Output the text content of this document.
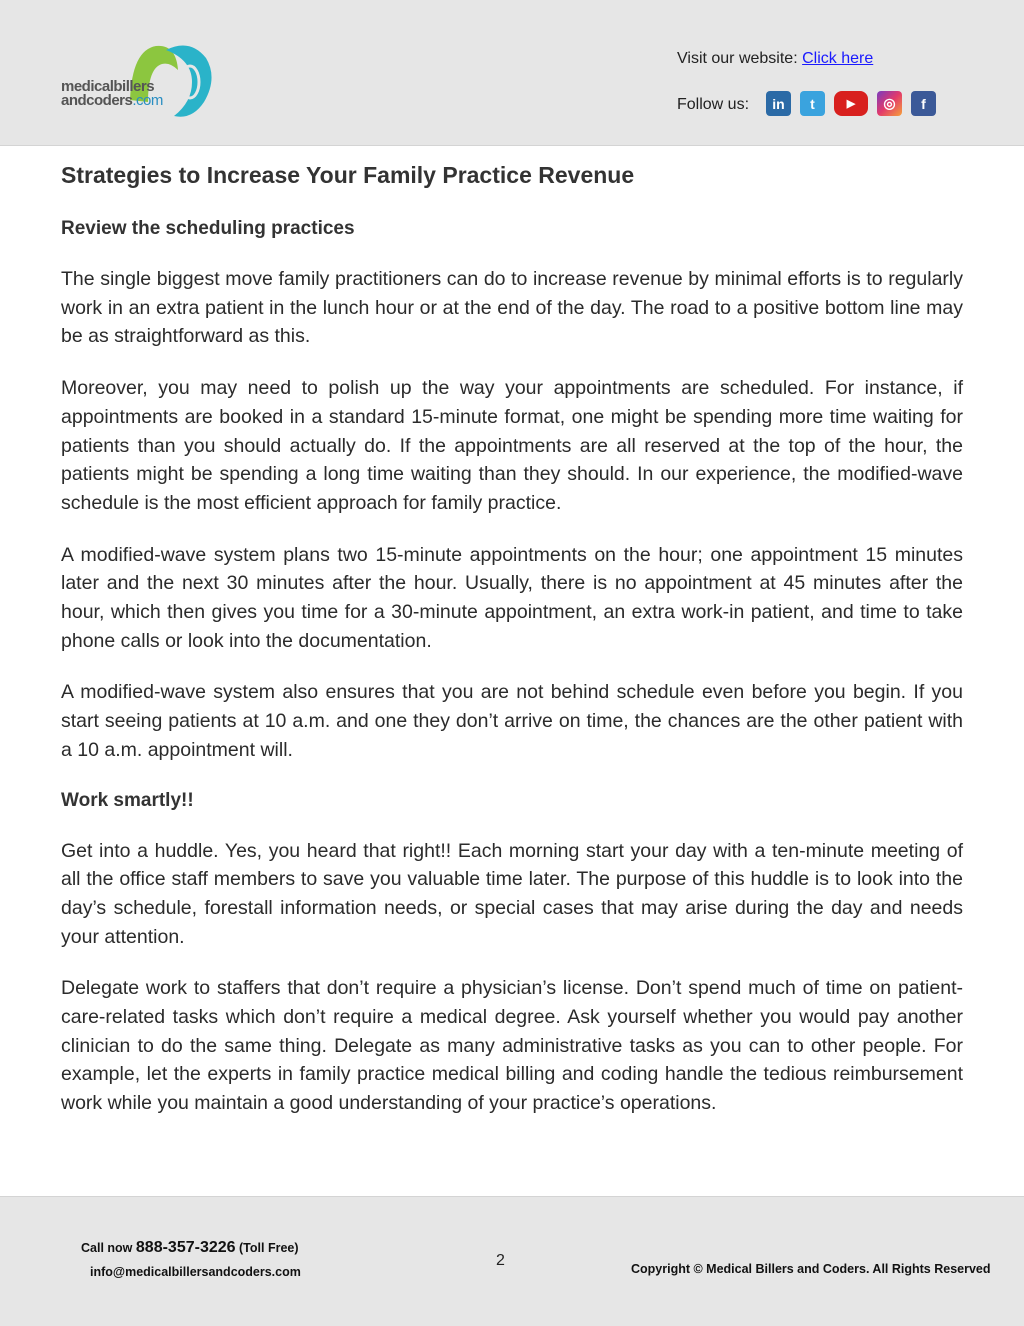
medicalbillers
andcoders.com
Visit our website: Click here
Follow us:	in	t	▶	◎	f
Strategies to Increase Your Family Practice Revenue
Review the scheduling practices

The single biggest move family practitioners can do to increase revenue by minimal efforts is to regularly work in an extra patient in the lunch hour or at the end of the day. The road to a positive bottom line may be as straightforward as this.

Moreover, you may need to polish up the way your appointments are scheduled. For instance, if appointments are booked in a standard 15-minute format, one might be spending more time waiting for patients than you should actually do. If the appointments are all reserved at the top of the hour, the patients might be spending a long time waiting than they should. In our experience, the modified-wave schedule is the most efficient approach for family practice.

A modified-wave system plans two 15-minute appointments on the hour; one appointment 15 minutes later and the next 30 minutes after the hour. Usually, there is no appointment at 45 minutes after the hour, which then gives you time for a 30-minute appointment, an extra work-in patient, and time to take phone calls or look into the documentation.

A modified-wave system also ensures that you are not behind schedule even before you begin. If you start seeing patients at 10 a.m. and one they don’t arrive on time, the chances are the other patient with a 10 a.m. appointment will.

Work smartly!!

Get into a huddle. Yes, you heard that right!! Each morning start your day with a ten-minute meeting of all the office staff members to save you valuable time later. The purpose of this huddle is to look into the day’s schedule, forestall information needs, or special cases that may arise during the day and needs your attention.

Delegate work to staffers that don’t require a physician’s license. Don’t spend much of time on patient-care-related tasks which don’t require a medical degree. Ask yourself whether you would pay another clinician to do the same thing. Delegate as many administrative tasks as you can to other people. For example, let the experts in family practice medical billing and coding handle the tedious reimbursement work while you maintain a good understanding of your practice’s operations.

Call now 888-357-3226 (Toll Free)
info@medicalbillersandcoders.com
2	Copyright © Medical Billers and Coders. All Rights Reserved
